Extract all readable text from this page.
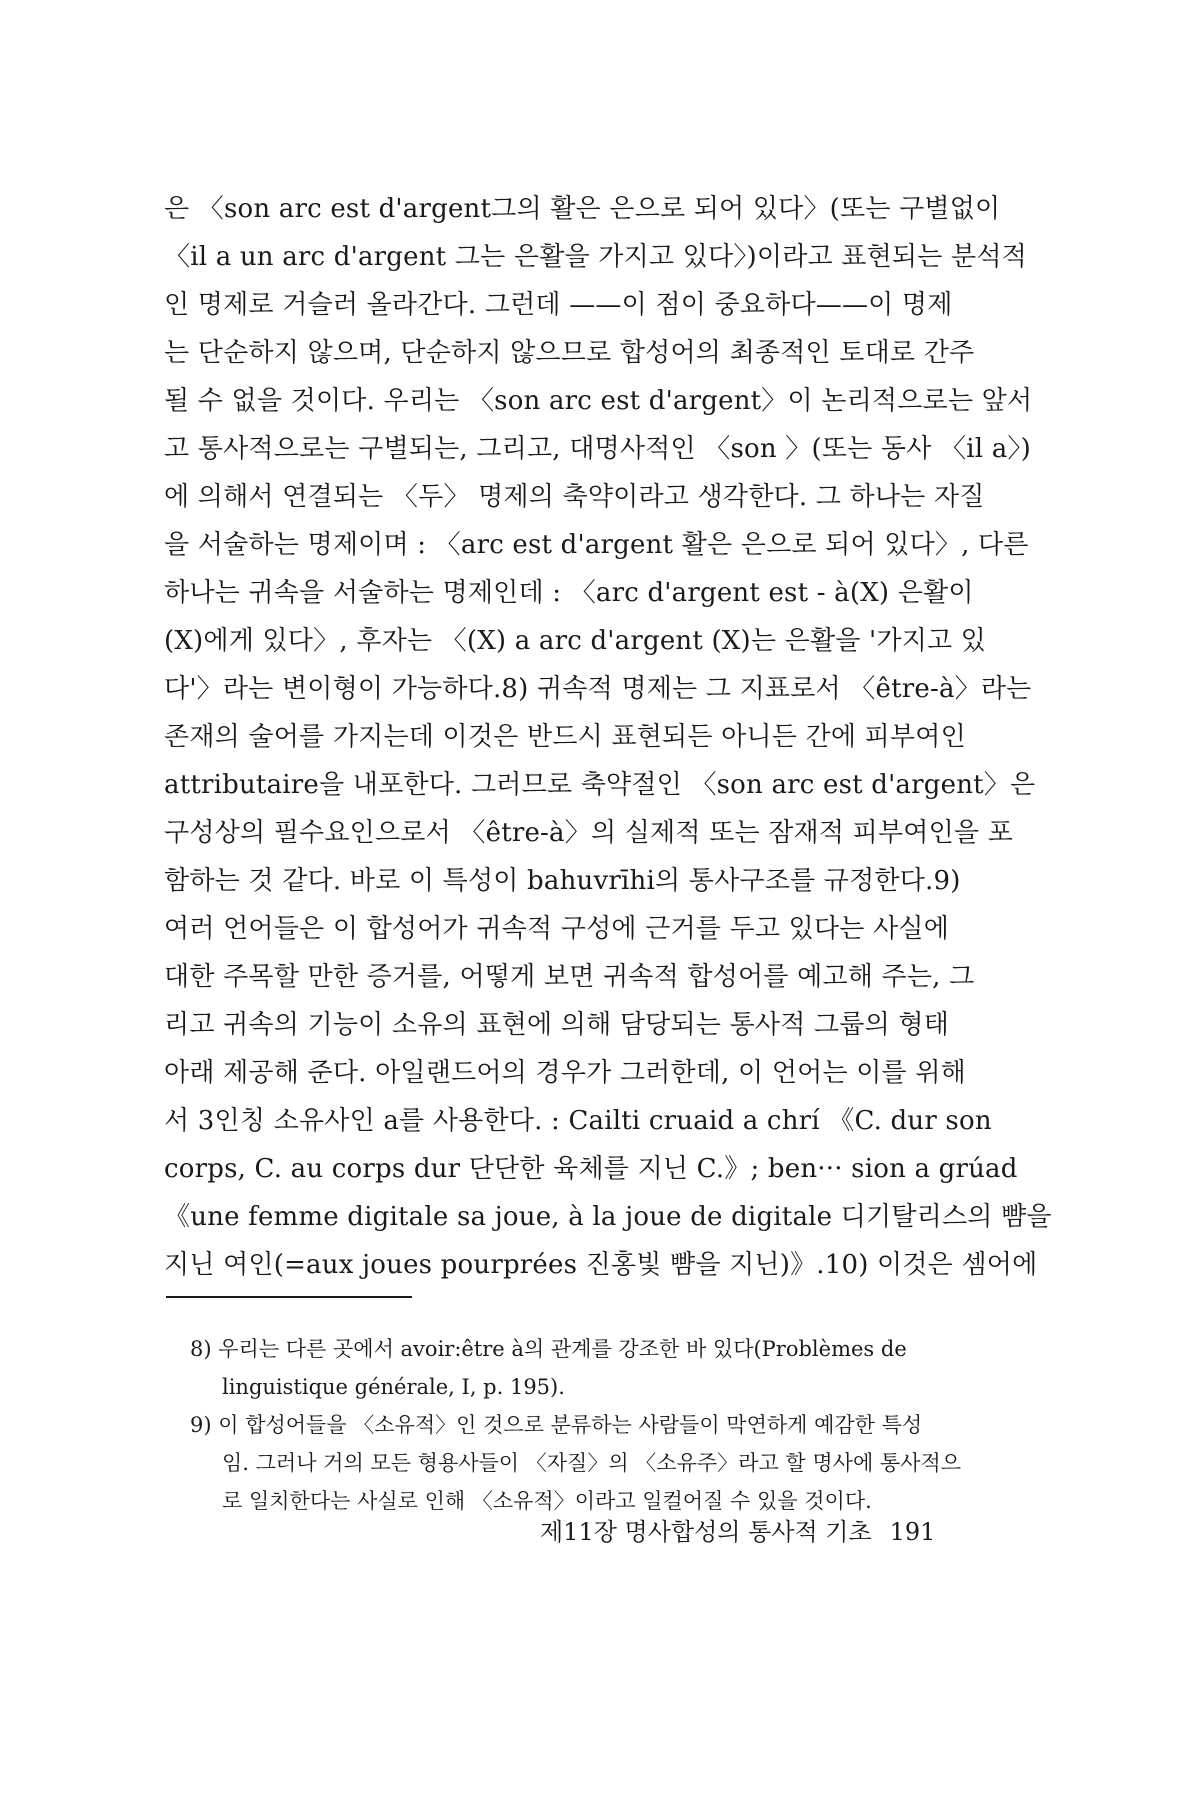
은 〈son arc est d'argent그의 활은 은으로 되어 있다〉(또는 구별없이
〈il a un arc d'argent 그는 은활을 가지고 있다〉)이라고 표현되는 분석적
인 명제로 거슬러 올라간다. 그런데 ——이 점이 중요하다——이 명제
는 단순하지 않으며, 단순하지 않으므로 합성어의 최종적인 토대로 간주
될 수 없을 것이다. 우리는 〈son arc est d'argent〉이 논리적으로는 앞서
고 통사적으로는 구별되는, 그리고, 대명사적인 〈son 〉(또는 동사 〈il a〉)
에 의해서 연결되는 〈두〉 명제의 축약이라고 생각한다. 그 하나는 자질
을 서술하는 명제이며 : 〈arc est d'argent 활은 은으로 되어 있다〉, 다른
하나는 귀속을 서술하는 명제인데 : 〈arc d'argent est - à(X) 은활이
(X)에게 있다〉, 후자는 〈(X) a arc d'argent (X)는 은활을 '가지고 있
다'〉라는 변이형이 가능하다.8) 귀속적 명제는 그 지표로서 〈être-à〉라는
존재의 술어를 가지는데 이것은 반드시 표현되든 아니든 간에 피부여인
attributaire을 내포한다. 그러므로 축약절인 〈son arc est d'argent〉은
구성상의 필수요인으로서 〈être-à〉의 실제적 또는 잠재적 피부여인을 포
함하는 것 같다. 바로 이 특성이 bahuvrīhi의 통사구조를 규정한다.9)
여러 언어들은 이 합성어가 귀속적 구성에 근거를 두고 있다는 사실에
대한 주목할 만한 증거를, 어떻게 보면 귀속적 합성어를 예고해 주는, 그
리고 귀속의 기능이 소유의 표현에 의해 담당되는 통사적 그룹의 형태
아래 제공해 준다. 아일랜드어의 경우가 그러한데, 이 언어는 이를 위해
서 3인칭 소유사인 a를 사용한다. : Cailti cruaid a chrí 《C. dur son
corps, C. au corps dur 단단한 육체를 지닌 C.》; ben··· sion a grúad
《une femme digitale sa joue, à la joue de digitale 디기탈리스의 뺨을
지닌 여인(=aux joues pourprées 진홍빛 뺨을 지닌)》.10) 이것은 셈어에
8) 우리는 다른 곳에서 avoir:être à의 관계를 강조한 바 있다(Problèmes de
linguistique générale, I, p. 195).
9) 이 합성어들을 〈소유적〉인 것으로 분류하는 사람들이 막연하게 예감한 특성
임. 그러나 거의 모든 형용사들이 〈자질〉의 〈소유주〉라고 할 명사에 통사적으
로 일치한다는 사실로 인해 〈소유적〉이라고 일컬어질 수 있을 것이다.
제11장 명사합성의 통사적 기초 191
